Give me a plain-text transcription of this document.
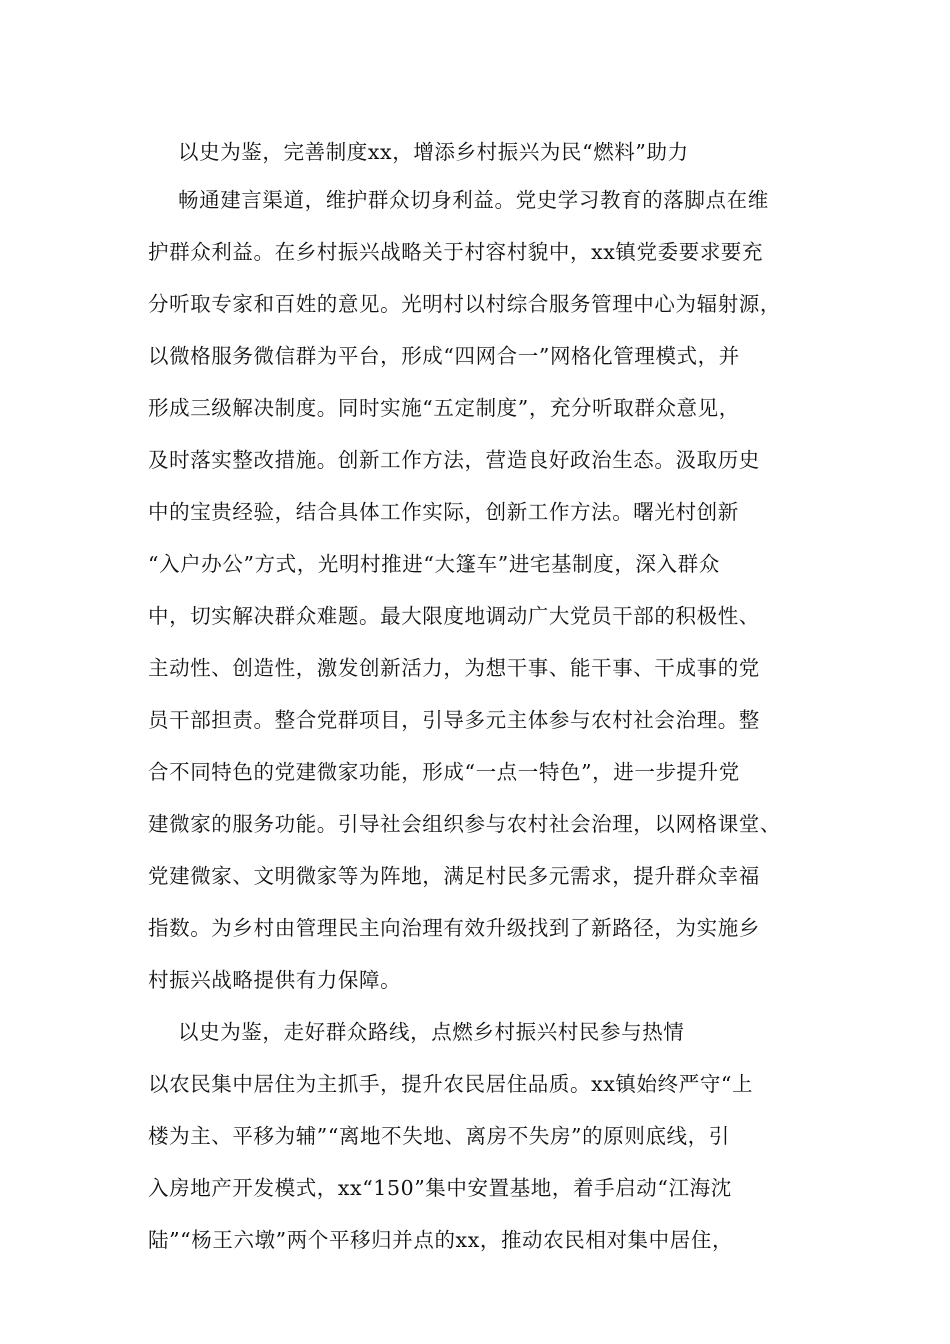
以史为鉴，完善制度xx，增添乡村振兴为民“燃料”助力
畅通建言渠道，维护群众切身利益。党史学习教育的落脚点在维
护群众利益。在乡村振兴战略关于村容村貌中，xx镇党委要求要充
分听取专家和百姓的意见。光明村以村综合服务管理中心为辐射源，
以微格服务微信群为平台，形成“四网合一”网格化管理模式，并
形成三级解决制度。同时实施“五定制度”，充分听取群众意见，
及时落实整改措施。创新工作方法，营造良好政治生态。汲取历史
中的宝贵经验，结合具体工作实际，创新工作方法。曙光村创新
“入户办公”方式，光明村推进“大篷车”进宅基制度，深入群众
中，切实解决群众难题。最大限度地调动广大党员干部的积极性、
主动性、创造性，激发创新活力，为想干事、能干事、干成事的党
员干部担责。整合党群项目，引导多元主体参与农村社会治理。整
合不同特色的党建微家功能，形成“一点一特色”，进一步提升党
建微家的服务功能。引导社会组织参与农村社会治理，以网格课堂、
党建微家、文明微家等为阵地，满足村民多元需求，提升群众幸福
指数。为乡村由管理民主向治理有效升级找到了新路径，为实施乡
村振兴战略提供有力保障。
以史为鉴，走好群众路线，点燃乡村振兴村民参与热情
以农民集中居住为主抓手，提升农民居住品质。xx镇始终严守“上
楼为主、平移为辅”“离地不失地、离房不失房”的原则底线，引
入房地产开发模式，xx“150”集中安置基地，着手启动“江海沈
陆”“杨王六墩”两个平移归并点的xx，推动农民相对集中居住，
